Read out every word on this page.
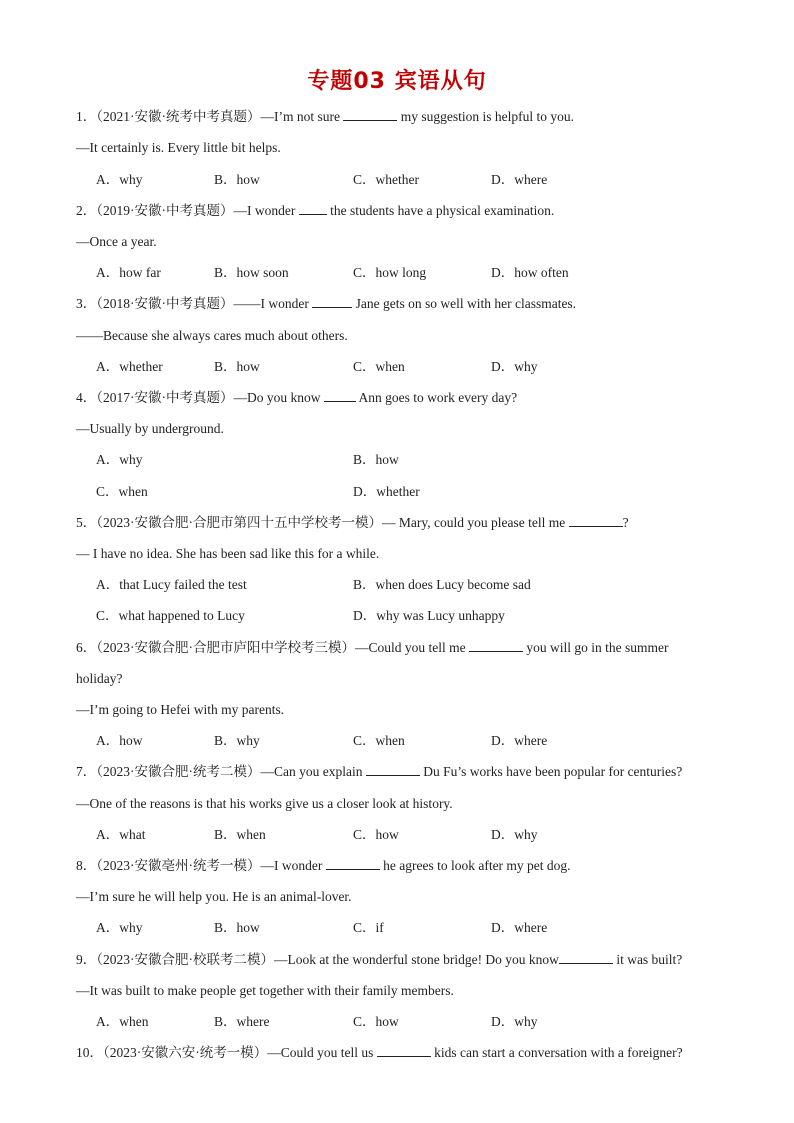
专题03 宾语从句
1．（2021·安徽·统考中考真题）—I’m not sure	my suggestion is helpful to you.
—It certainly is. Every little bit helps.
A．why	B．how	C．whether	D．where
2．（2019·安徽·中考真题）—I wonder  the students have a physical examination.
—Once a year.
A．how far	B．how soon	C．how long	D．how often
3．（2018·安徽·中考真题）——I wonder	Jane gets on so well with her classmates.
——Because she always cares much about others.
A．whether	B．how	C．when	D．why
4．（2017·安徽·中考真题）—Do you know  Ann goes to work every day?
—Usually by underground.
A．why	B．how
C．when	D．whether
5．（2023·安徽合肥·合肥市第四十五中学校考一模）— Mary, could you please tell me	?
— I have no idea. She has been sad like this for a while.
A．that Lucy failed the test	B．when does Lucy become sad
C．what happened to Lucy	D．why was Lucy unhappy
6．（2023·安徽合肥·合肥市庐阳中学校考三模）—Could you tell me	you will go in the summer
holiday?
—I’m going to Hefei with my parents.
A．how	B．why	C．when	D．where
7．（2023·安徽合肥·统考二模）—Can you explain	Du Fu’s works have been popular for centuries?
—One of the reasons is that his works give us a closer look at history.
A．what	B．when	C．how	D．why
8．（2023·安徽亳州·统考一模）—I wonder	he agrees to look after my pet dog.
—I’m sure he will help you. He is an animal-lover.
A．why	B．how	C．if	D．where
9．（2023·安徽合肥·校联考二模）—Look at the wonderful stone bridge! Do you know	it was built?
—It was built to make people get together with their family members.
A．when	B．where	C．how	D．why
10．（2023·安徽六安·统考一模）—Could you tell us	kids can start a conversation with a foreigner?
